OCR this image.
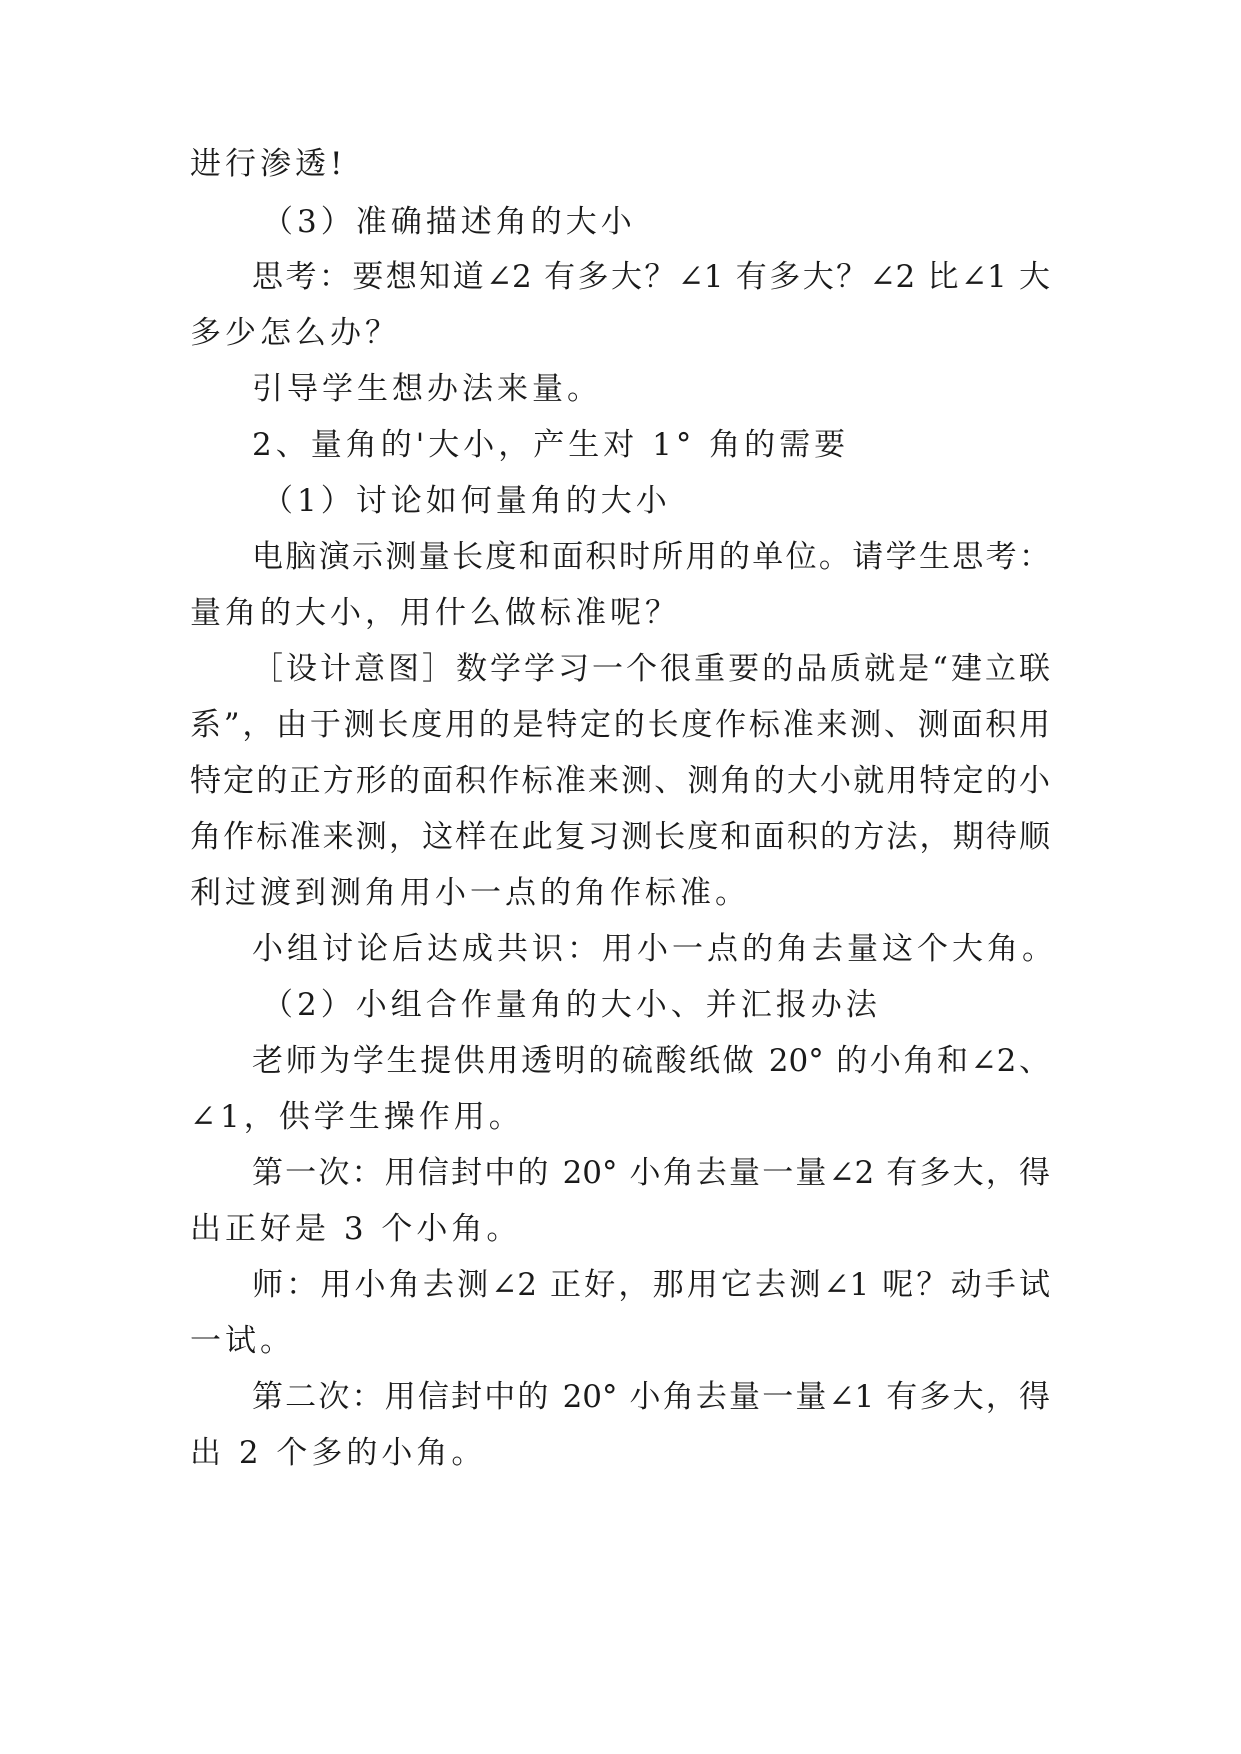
进行渗透!
（3）准确描述角的大小
思考：要想知道∠2 有多大？∠1 有多大？∠2 比∠1 大
多少怎么办？
引导学生想办法来量。
2、量角的'大小，产生对 1° 角的需要
（1）讨论如何量角的大小
电脑演示测量长度和面积时所用的单位。请学生思考：
量角的大小，用什么做标准呢？
［设计意图］数学学习一个很重要的品质就是“建立联
系”，由于测长度用的是特定的长度作标准来测、测面积用
特定的正方形的面积作标准来测、测角的大小就用特定的小
角作标准来测，这样在此复习测长度和面积的方法，期待顺
利过渡到测角用小一点的角作标准。
小组讨论后达成共识：用小一点的角去量这个大角。
（2）小组合作量角的大小、并汇报办法
老师为学生提供用透明的硫酸纸做 20° 的小角和∠2、
∠1，供学生操作用。
第一次：用信封中的 20° 小角去量一量∠2 有多大，得
出正好是 3 个小角。
师：用小角去测∠2 正好，那用它去测∠1 呢？动手试
一试。
第二次：用信封中的 20° 小角去量一量∠1 有多大，得
出 2 个多的小角。
